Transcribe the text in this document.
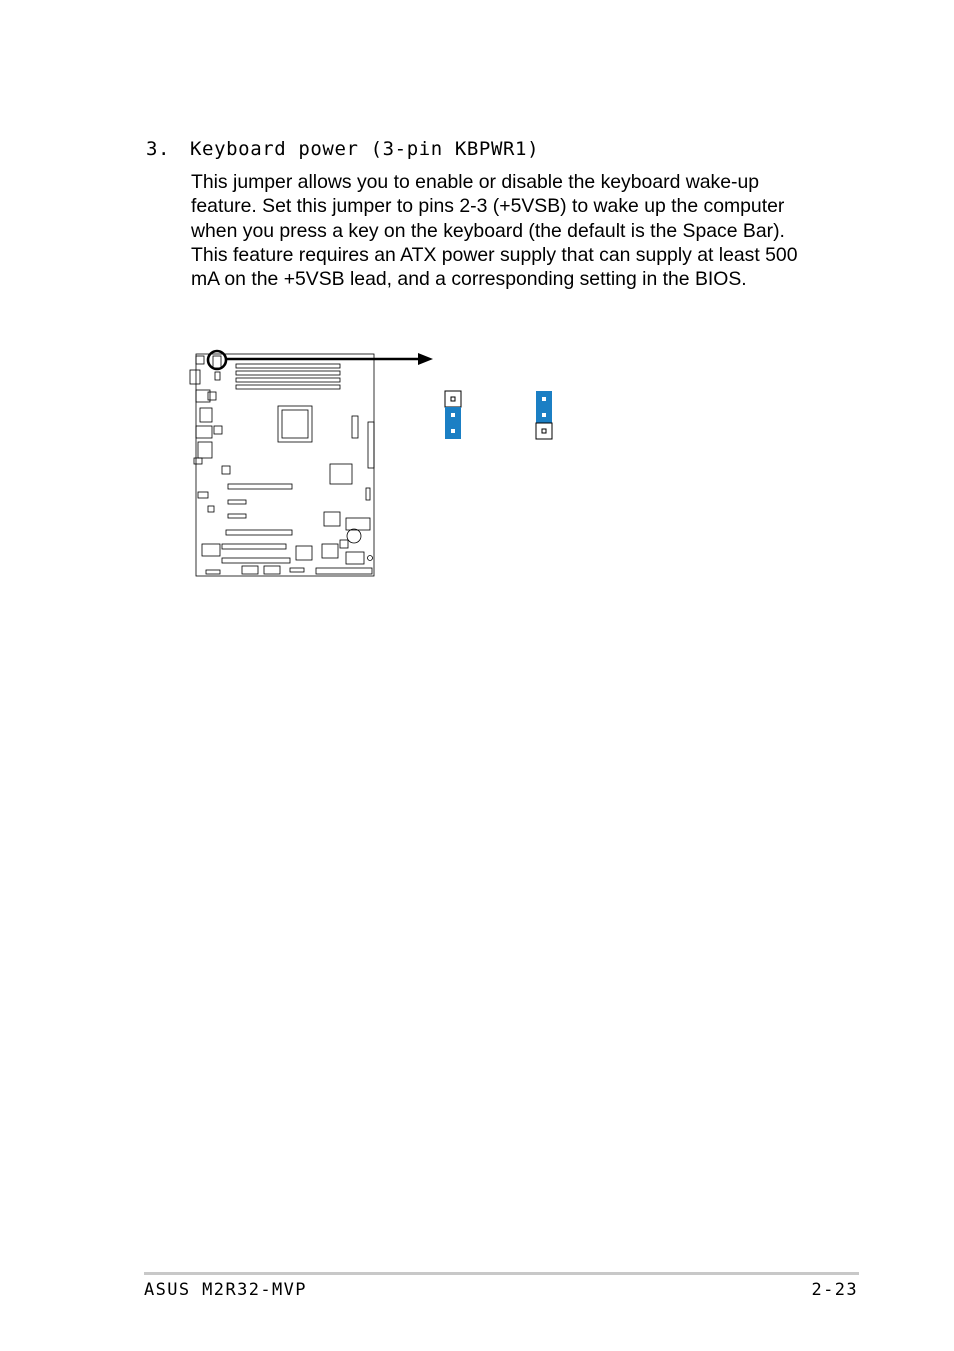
3. Keyboard power (3-pin KBPWR1)

This jumper allows you to enable or disable the keyboard wake-up feature. Set this jumper to pins 2-3 (+5VSB) to wake up the computer when you press a key on the keyboard (the default is the Space Bar). This feature requires an ATX power supply that can supply at least 500 mA on the +5VSB lead, and a corresponding setting in the BIOS.

ASUS M2R32-MVP	2-23
